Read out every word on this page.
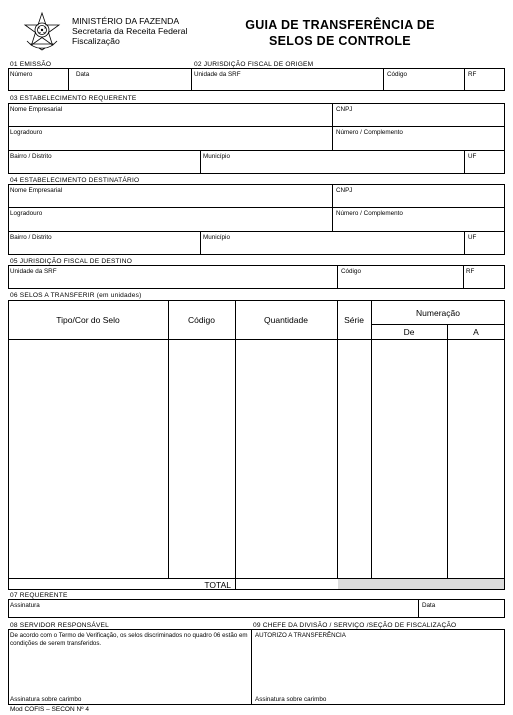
MINISTÉRIO DA FAZENDA
Secretaria da Receita Federal
Fiscalização
GUIA DE TRANSFERÊNCIA DE
SELOS DE CONTROLE
01 EMISSÃO	02 JURISDIÇÃO FISCAL DE ORIGEM
Número	Data	Unidade da SRF	Código	RF
03 ESTABELECIMENTO REQUERENTE
Nome Empresarial	CNPJ
Logradouro	Número / Complemento
Bairro / Distrito	Município	UF
04 ESTABELECIMENTO DESTINATÁRIO
Nome Empresarial	CNPJ
Logradouro	Número / Complemento
Bairro / Distrito	Município	UF
05 JURISDIÇÃO FISCAL DE DESTINO
Unidade da SRF	Código	RF
06 SELOS A TRANSFERIR (em unidades)
Tipo/Cor do Selo	Código	Quantidade	Série
Numeração
De	A
TOTAL
07 REQUERENTE
Assinatura	Data
08 SERVIDOR RESPONSÁVEL	09 CHEFE DA DIVISÃO / SERVIÇO /SEÇÃO DE FISCALIZAÇÃO
De acordo com o Termo de Verificação, os selos discriminados no quadro 06 estão em condições de serem transferidos.
AUTORIZO A TRANSFERÊNCIA
Assinatura sobre carimbo	Assinatura sobre carimbo
Mod COFIS – SECON Nº 4
